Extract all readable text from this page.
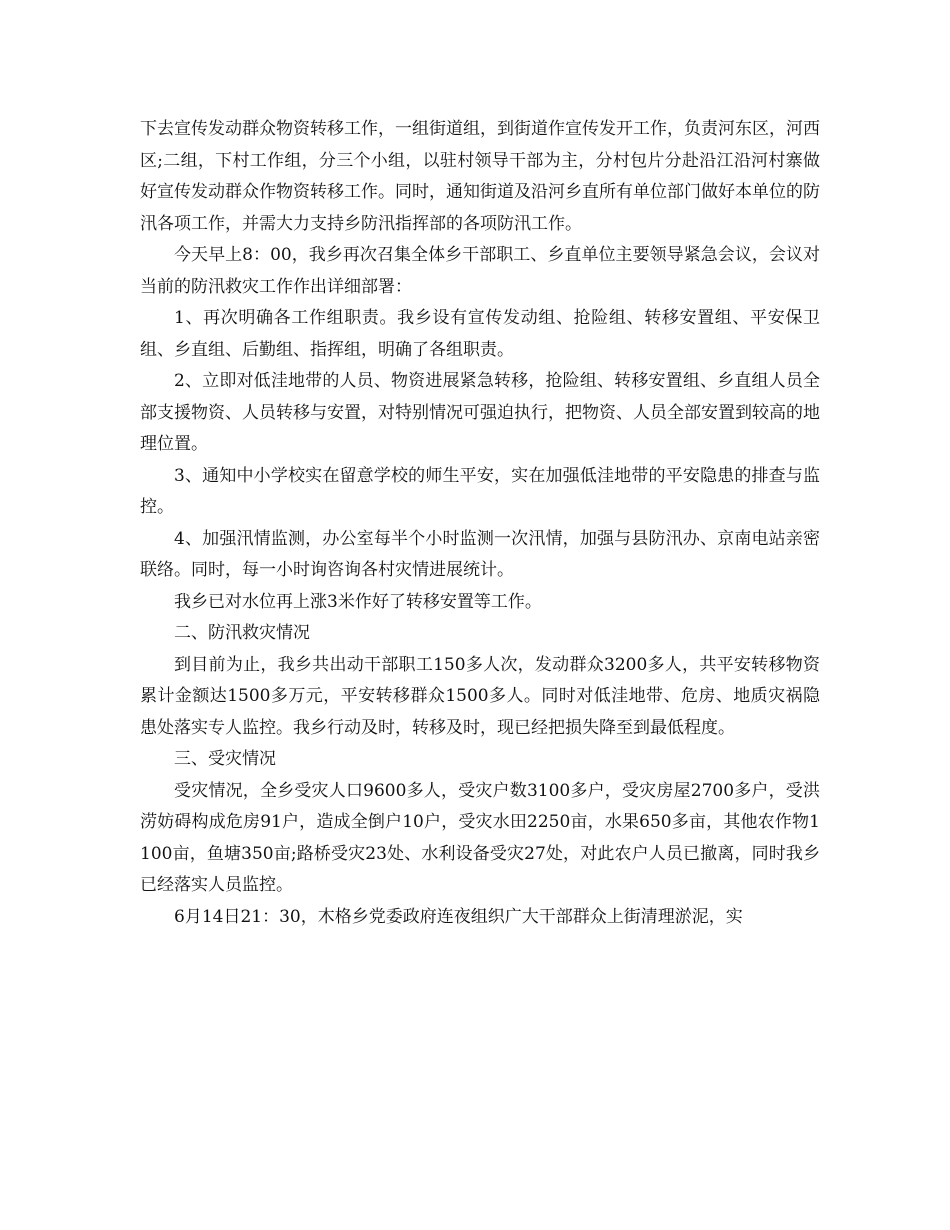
下去宣传发动群众物资转移工作，一组街道组，到街道作宣传发开工作，负责河东区，河西区;二组，下村工作组，分三个小组，以驻村领导干部为主，分村包片分赴沿江沿河村寨做好宣传发动群众作物资转移工作。同时，通知街道及沿河乡直所有单位部门做好本单位的防汛各项工作，并需大力支持乡防汛指挥部的各项防汛工作。

今天早上8：00，我乡再次召集全体乡干部职工、乡直单位主要领导紧急会议，会议对当前的防汛救灾工作作出详细部署：

1、再次明确各工作组职责。我乡设有宣传发动组、抢险组、转移安置组、平安保卫组、乡直组、后勤组、指挥组，明确了各组职责。

2、立即对低洼地带的人员、物资进展紧急转移，抢险组、转移安置组、乡直组人员全部支援物资、人员转移与安置，对特别情况可强迫执行，把物资、人员全部安置到较高的地理位置。

3、通知中小学校实在留意学校的师生平安，实在加强低洼地带的平安隐患的排查与监控。

4、加强汛情监测，办公室每半个小时监测一次汛情，加强与县防汛办、京南电站亲密联络。同时，每一小时询咨询各村灾情进展统计。

我乡已对水位再上涨3米作好了转移安置等工作。

二、防汛救灾情况

到目前为止，我乡共出动干部职工150多人次，发动群众3200多人，共平安转移物资累计金额达1500多万元，平安转移群众1500多人。同时对低洼地带、危房、地质灾祸隐患处落实专人监控。我乡行动及时，转移及时，现已经把损失降至到最低程度。

三、受灾情况

受灾情况，全乡受灾人口9600多人，受灾户数3100多户，受灾房屋2700多户，受洪涝妨碍构成危房91户，造成全倒户10户，受灾水田2250亩，水果650多亩，其他农作物1100亩，鱼塘350亩;路桥受灾23处、水利设备受灾27处，对此农户人员已撤离，同时我乡已经落实人员监控。

6月14日21：30，木格乡党委政府连夜组织广大干部群众上街清理淤泥，实
